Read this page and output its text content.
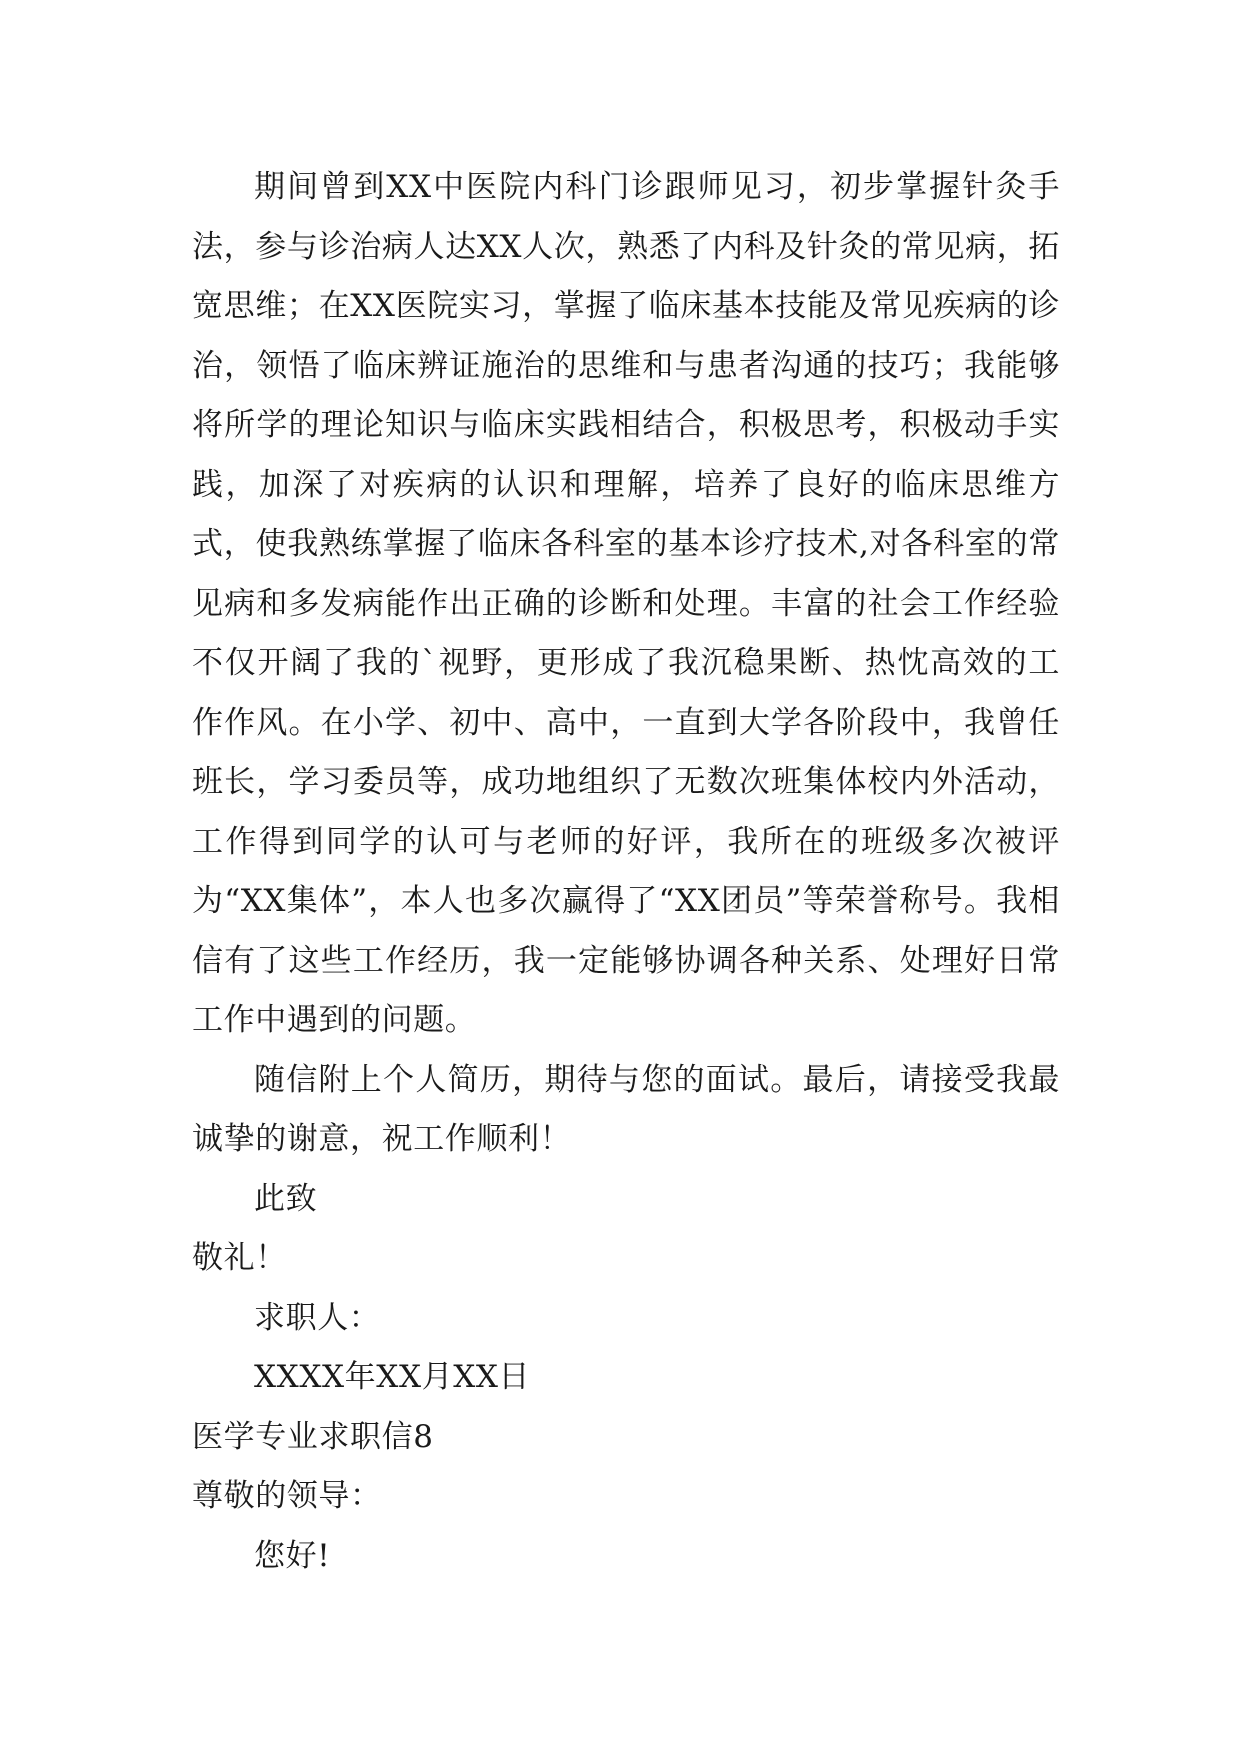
期间曾到XX中医院内科门诊跟师见习，初步掌握针灸手法，参与诊治病人达XX人次，熟悉了内科及针灸的常见病，拓宽思维；在XX医院实习，掌握了临床基本技能及常见疾病的诊治，领悟了临床辨证施治的思维和与患者沟通的技巧；我能够将所学的理论知识与临床实践相结合，积极思考，积极动手实践，加深了对疾病的认识和理解，培养了良好的临床思维方式，使我熟练掌握了临床各科室的基本诊疗技术,对各科室的常见病和多发病能作出正确的诊断和处理。丰富的社会工作经验不仅开阔了我的`视野，更形成了我沉稳果断、热忱高效的工作作风。在小学、初中、高中，一直到大学各阶段中，我曾任班长，学习委员等，成功地组织了无数次班集体校内外活动，工作得到同学的认可与老师的好评，我所在的班级多次被评为“XX集体”，本人也多次赢得了“XX团员”等荣誉称号。我相信有了这些工作经历，我一定能够协调各种关系、处理好日常工作中遇到的问题。

随信附上个人简历，期待与您的面试。最后，请接受我最诚挚的谢意，祝工作顺利！

此致

敬礼！

求职人：

XXXX年XX月XX日

医学专业求职信8

尊敬的领导：

您好!
